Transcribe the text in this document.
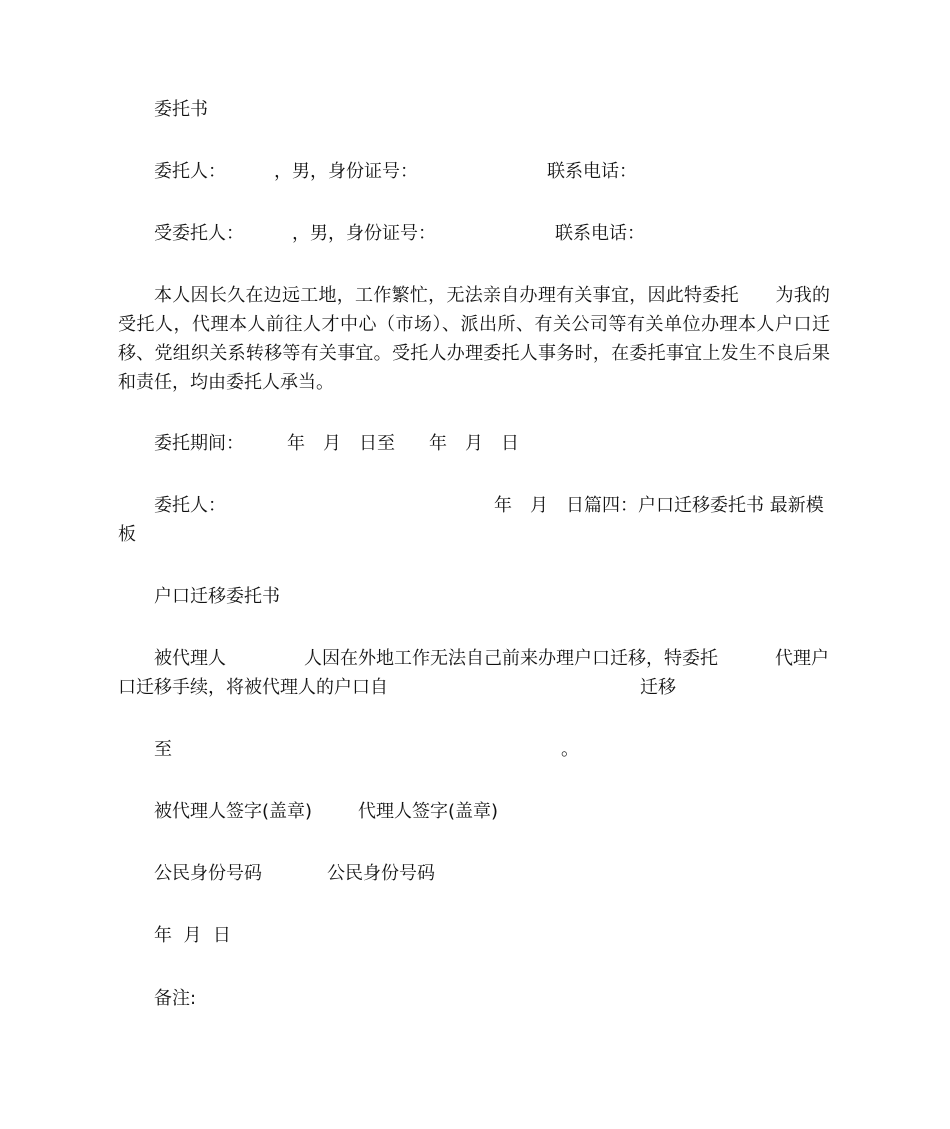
委托书
委托人：	，男，身份证号：	联系电话：
受委托人：	，男，身份证号：	联系电话：
本人因长久在边远工地，工作繁忙，无法亲自办理有关事宜，因此特委托　　为我的受托人，代理本人前往人才中心（市场）、派出所、有关公司等有关单位办理本人户口迁移、党组织关系转移等有关事宜。受托人办理委托人事务时，在委托事宜上发生不良后果和责任，均由委托人承当。
委托期间： 年　月　日至 年　月　日
委托人：	年　月　日篇四：户口迁移委托书 最新模
板
户口迁移委托书
被代理人	人因在外地工作无法自己前来办理户口迁移，特委托	代理户
口迁移手续，将被代理人的户口自	迁移
至	。
被代理人签字(盖章)	代理人签字(盖章)
公民身份号码	公民身份号码
年  月  日
备注:
